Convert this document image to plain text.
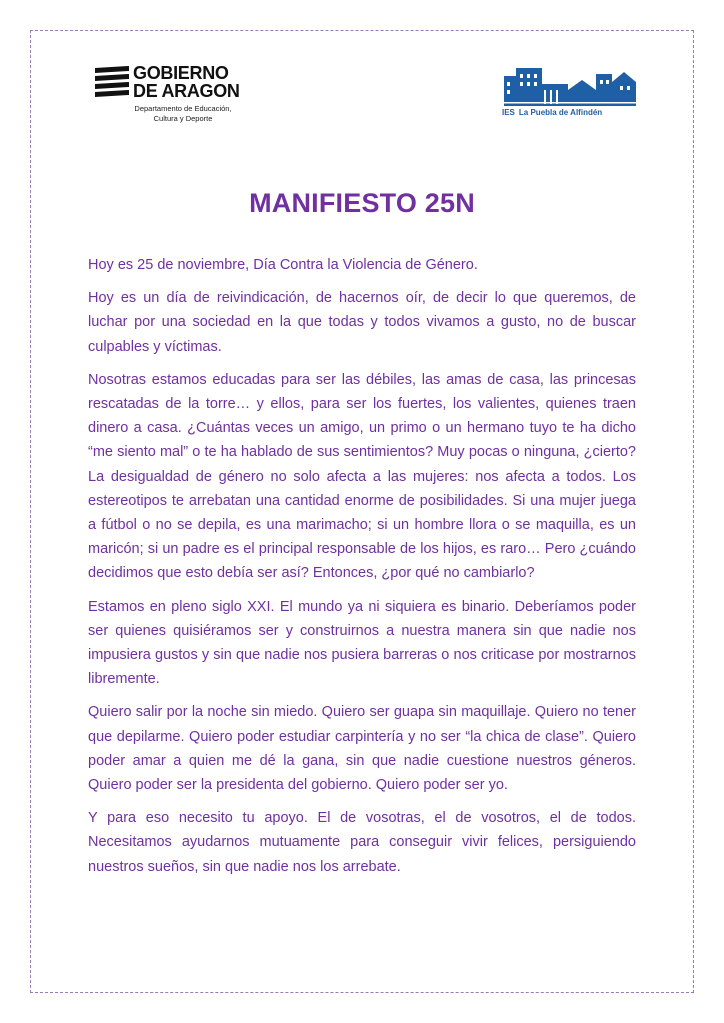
GOBIERNO
DE ARAGON
Departamento de Educación,
Cultura y Deporte
IES La Puebla de Alfindén
MANIFIESTO 25N

Hoy es 25 de noviembre, Día Contra la Violencia de Género.

Hoy es un día de reivindicación, de hacernos oír, de decir lo que queremos, de luchar por una sociedad en la que todas y todos vivamos a gusto, no de buscar culpables y víctimas.

Nosotras estamos educadas para ser las débiles, las amas de casa, las princesas rescatadas de la torre… y ellos, para ser los fuertes, los valientes, quienes traen dinero a casa. ¿Cuántas veces un amigo, un primo o un hermano tuyo te ha dicho “me siento mal” o te ha hablado de sus sentimientos? Muy pocas o ninguna, ¿cierto? La desigualdad de género no solo afecta a las mujeres: nos afecta a todos. Los estereotipos te arrebatan una cantidad enorme de posibilidades. Si una mujer juega a fútbol o no se depila, es una marimacho; si un hombre llora o se maquilla, es un maricón; si un padre es el principal responsable de los hijos, es raro… Pero ¿cuándo decidimos que esto debía ser así? Entonces, ¿por qué no cambiarlo?

Estamos en pleno siglo XXI. El mundo ya ni siquiera es binario. Deberíamos poder ser quienes quisiéramos ser y construirnos a nuestra manera sin que nadie nos impusiera gustos y sin que nadie nos pusiera barreras o nos criticase por mostrarnos libremente.

Quiero salir por la noche sin miedo. Quiero ser guapa sin maquillaje. Quiero no tener que depilarme. Quiero poder estudiar carpintería y no ser “la chica de clase”. Quiero poder amar a quien me dé la gana, sin que nadie cuestione nuestros géneros. Quiero poder ser la presidenta del gobierno. Quiero poder ser yo.

Y para eso necesito tu apoyo. El de vosotras, el de vosotros, el de todos. Necesitamos ayudarnos mutuamente para conseguir vivir felices, persiguiendo nuestros sueños, sin que nadie nos los arrebate.
